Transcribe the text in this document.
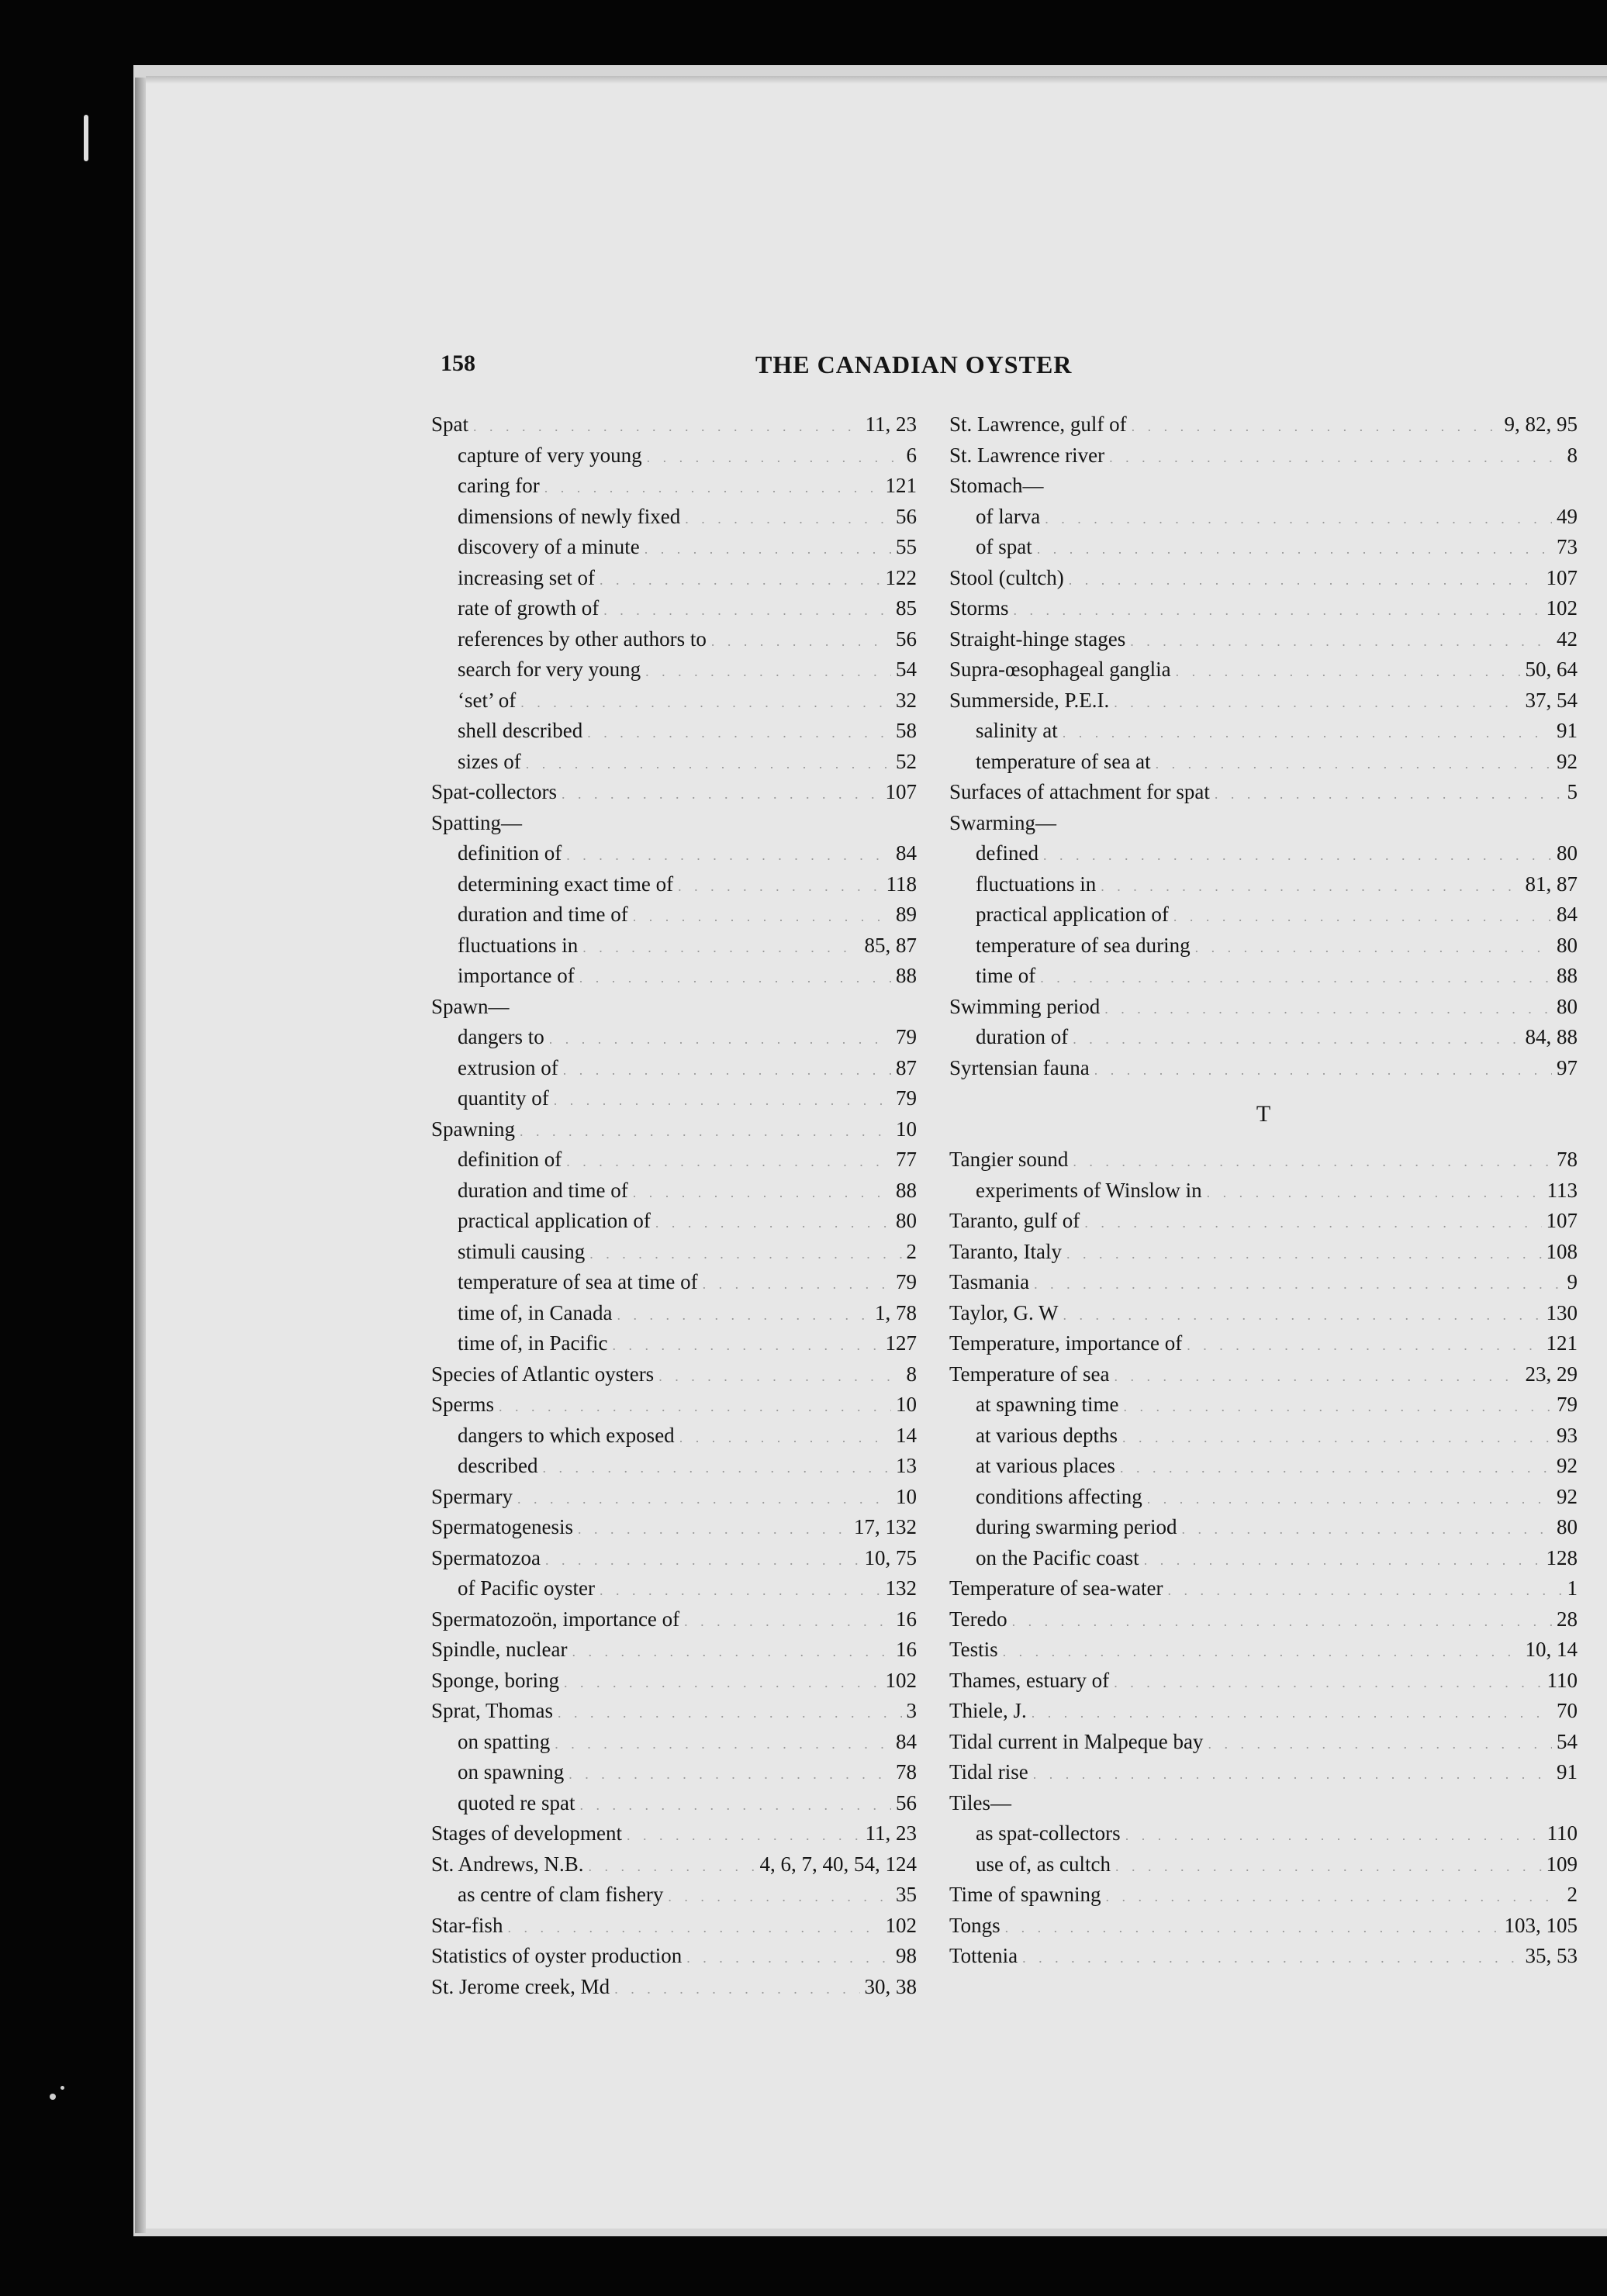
158	THE CANADIAN OYSTER
Spat . . .	11, 23
capture of very young . . .	6
caring for . . .	121
dimensions of newly fixed . . .	56
discovery of a minute . . .	55
increasing set of . . .	122
rate of growth of . . .	85
references by other authors to . . .	56
search for very young . . .	54
‘set’ of . . .	32
shell described . . .	58
sizes of . . .	52
Spat-collectors . . .	107
Spatting—
definition of . . .	84
determining exact time of . . .	118
duration and time of . . .	89
fluctuations in . . .	85, 87
importance of . . .	88
Spawn—
dangers to . . .	79
extrusion of . . .	87
quantity of . . .	79
Spawning . . .	10
definition of . . .	77
duration and time of . . .	88
practical application of . . .	80
stimuli causing . . .	2
temperature of sea at time of . . .	79
time of, in Canada . . .	1, 78
time of, in Pacific . . .	127
Species of Atlantic oysters . . .	8
Sperms . . .	10
dangers to which exposed . . .	14
described . . .	13
Spermary . . .	10
Spermatogenesis . . .	17, 132
Spermatozoa . . .	10, 75
of Pacific oyster . . .	132
Spermatozoön, importance of . . .	16
Spindle, nuclear . . .	16
Sponge, boring . . .	102
Sprat, Thomas . . .	3
on spatting . . .	84
on spawning . . .	78
quoted re spat . . .	56
Stages of development . . .	11, 23
St. Andrews, N.B. . . .	4, 6, 7, 40, 54, 124
as centre of clam fishery . . .	35
Star-fish . . .	102
Statistics of oyster production . . .	98
St. Jerome creek, Md . . .	30, 38
St. Lawrence, gulf of . . .	9, 82, 95
St. Lawrence river . . .	8
Stomach—
of larva . . .	49
of spat . . .	73
Stool (cultch) . . .	107
Storms . . .	102
Straight-hinge stages . . .	42
Supra-œsophageal ganglia . . .	50, 64
Summerside, P.E.I. . . .	37, 54
salinity at . . .	91
temperature of sea at . . .	92
Surfaces of attachment for spat . . .	5
Swarming—
defined . . .	80
fluctuations in . . .	81, 87
practical application of . . .	84
temperature of sea during . . .	80
time of . . .	88
Swimming period . . .	80
duration of . . .	84, 88
Syrtensian fauna . . .	97
T
Tangier sound . . .	78
experiments of Winslow in . . .	113
Taranto, gulf of . . .	107
Taranto, Italy . . .	108
Tasmania . . .	9
Taylor, G. W . . .	130
Temperature, importance of . . .	121
Temperature of sea . . .	23, 29
at spawning time . . .	79
at various depths . . .	93
at various places . . .	92
conditions affecting . . .	92
during swarming period . . .	80
on the Pacific coast . . .	128
Temperature of sea-water . . .	1
Teredo . . .	28
Testis . . .	10, 14
Thames, estuary of . . .	110
Thiele, J. . . .	70
Tidal current in Malpeque bay . . .	54
Tidal rise . . .	91
Tiles—
as spat-collectors . . .	110
use of, as cultch . . .	109
Time of spawning . . .	2
Tongs . . .	103, 105
Tottenia . . .	35, 53
